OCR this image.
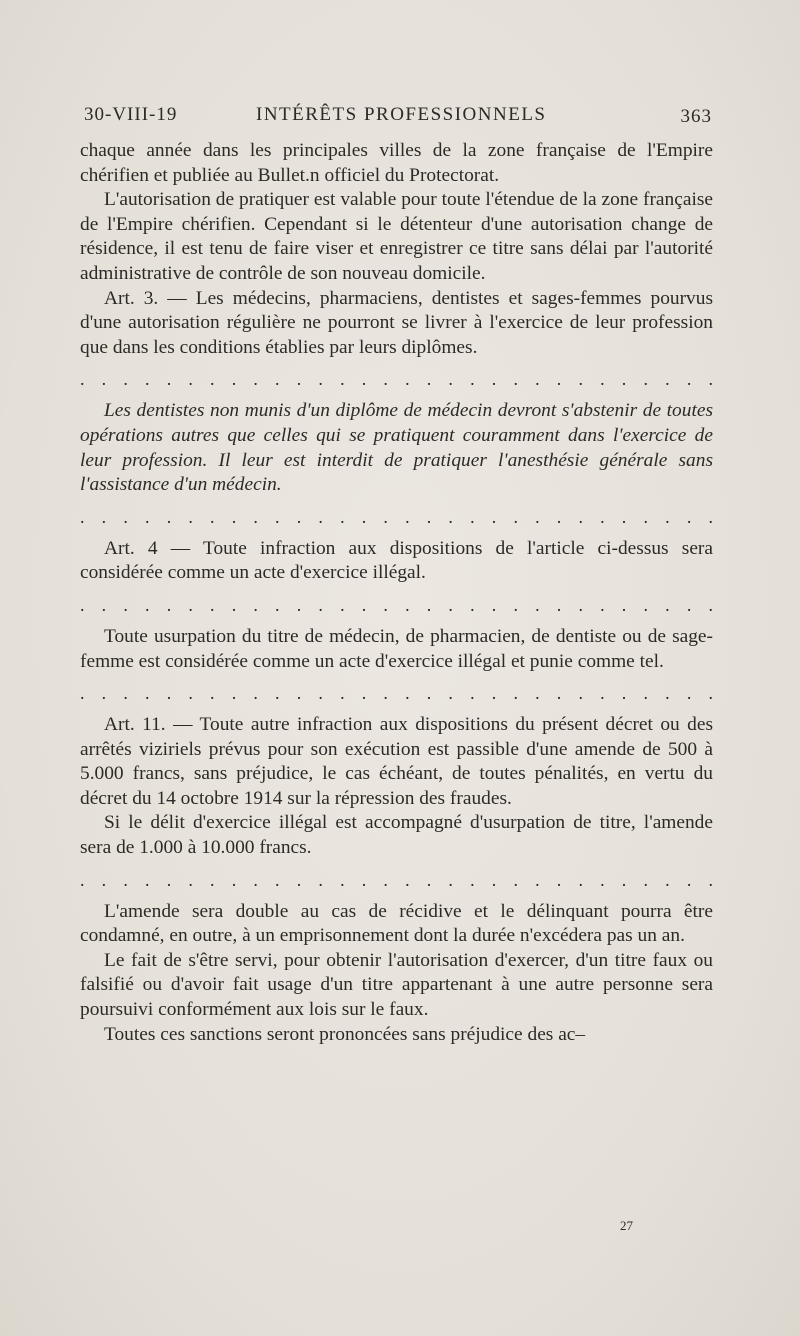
30-VIII-19	INTÉRÊTS PROFESSIONNELS	363

chaque année dans les principales villes de la zone française de l'Empire chérifien et publiée au Bullet.n officiel du Protectorat.

L'autorisation de pratiquer est valable pour toute l'étendue de la zone française de l'Empire chérifien. Cependant si le détenteur d'une autorisation change de résidence, il est tenu de faire viser et enregistrer ce titre sans délai par l'autorité administrative de contrôle de son nouveau domicile.

Art. 3. — Les médecins, pharmaciens, dentistes et sages-femmes pourvus d'une autorisation régulière ne pourront se livrer à l'exercice de leur profession que dans les conditions établies par leurs diplômes.

. . . . . . . . . . . . . . . . . . . . . . . . . . . . . .

Les dentistes non munis d'un diplôme de médecin devront s'abstenir de toutes opérations autres que celles qui se pratiquent couramment dans l'exercice de leur profession. Il leur est interdit de pratiquer l'anesthésie générale sans l'assistance d'un médecin.

. . . . . . . . . . . . . . . . . . . . . . . . . . . . . .

Art. 4 — Toute infraction aux dispositions de l'article ci-dessus sera considérée comme un acte d'exercice illégal.

. . . . . . . . . . . . . . . . . . . . . . . . . . . . . .

Toute usurpation du titre de médecin, de pharmacien, de dentiste ou de sage-femme est considérée comme un acte d'exercice illégal et punie comme tel.

. . . . . . . . . . . . . . . . . . . . . . . . . . . . . .

Art. 11. — Toute autre infraction aux dispositions du présent décret ou des arrêtés viziriels prévus pour son exécution est passible d'une amende de 500 à 5.000 francs, sans préjudice, le cas échéant, de toutes pénalités, en vertu du décret du 14 octobre 1914 sur la répression des fraudes.

Si le délit d'exercice illégal est accompagné d'usurpation de titre, l'amende sera de 1.000 à 10.000 francs.

. . . . . . . . . . . . . . . . . . . . . . . . . . . . . .

L'amende sera double au cas de récidive et le délinquant pourra être condamné, en outre, à un emprisonnement dont la durée n'excédera pas un an.

Le fait de s'être servi, pour obtenir l'autorisation d'exercer, d'un titre faux ou falsifié ou d'avoir fait usage d'un titre appartenant à une autre personne sera poursuivi conformément aux lois sur le faux.

Toutes ces sanctions seront prononcées sans préjudice des ac–

27
